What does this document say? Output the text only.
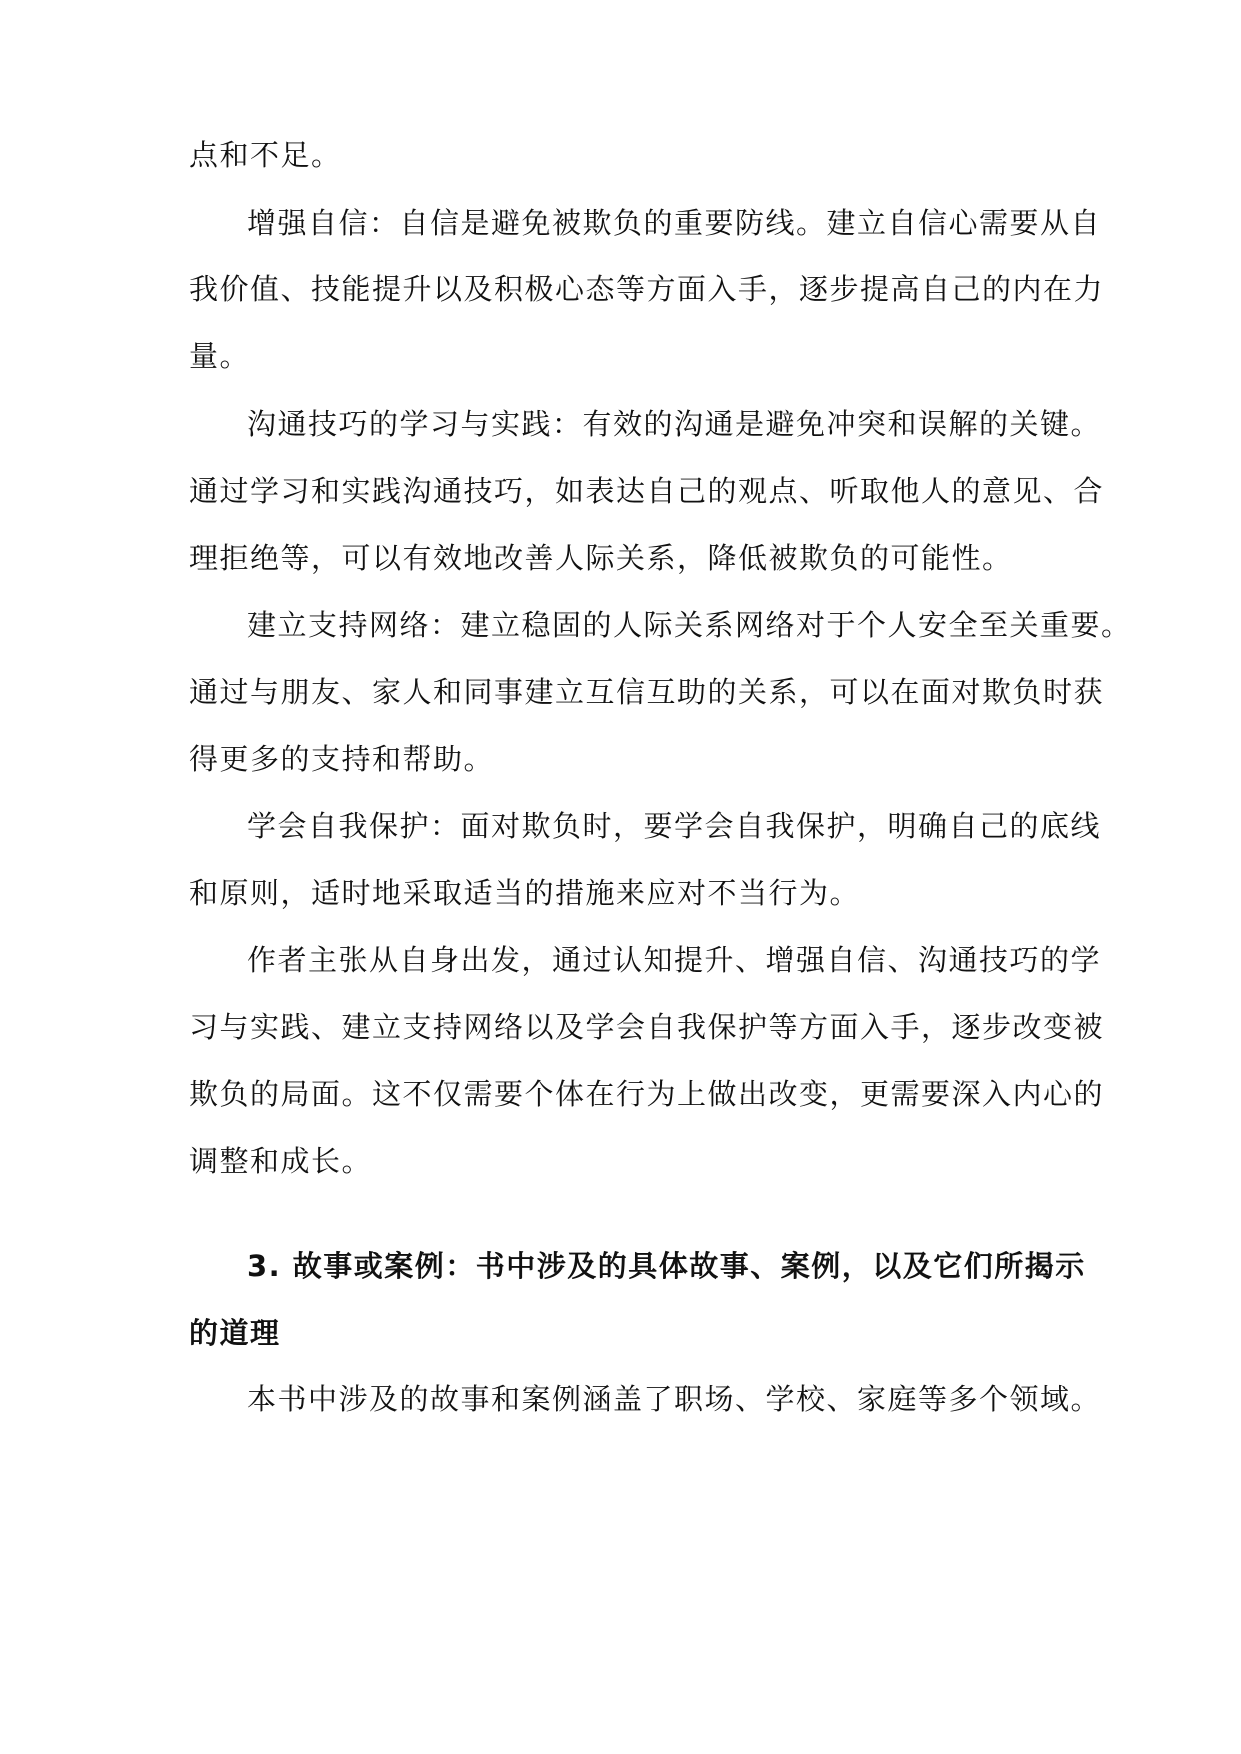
点和不足。
增强自信：自信是避免被欺负的重要防线。建立自信心需要从自
我价值、技能提升以及积极心态等方面入手，逐步提高自己的内在力
量。
沟通技巧的学习与实践：有效的沟通是避免冲突和误解的关键。
通过学习和实践沟通技巧，如表达自己的观点、听取他人的意见、合
理拒绝等，可以有效地改善人际关系，降低被欺负的可能性。
建立支持网络：建立稳固的人际关系网络对于个人安全至关重要。
通过与朋友、家人和同事建立互信互助的关系，可以在面对欺负时获
得更多的支持和帮助。
学会自我保护：面对欺负时，要学会自我保护，明确自己的底线
和原则，适时地采取适当的措施来应对不当行为。
作者主张从自身出发，通过认知提升、增强自信、沟通技巧的学
习与实践、建立支持网络以及学会自我保护等方面入手，逐步改变被
欺负的局面。这不仅需要个体在行为上做出改变，更需要深入内心的
调整和成长。
3. 故事或案例：书中涉及的具体故事、案例，以及它们所揭示
的道理
本书中涉及的故事和案例涵盖了职场、学校、家庭等多个领域。
